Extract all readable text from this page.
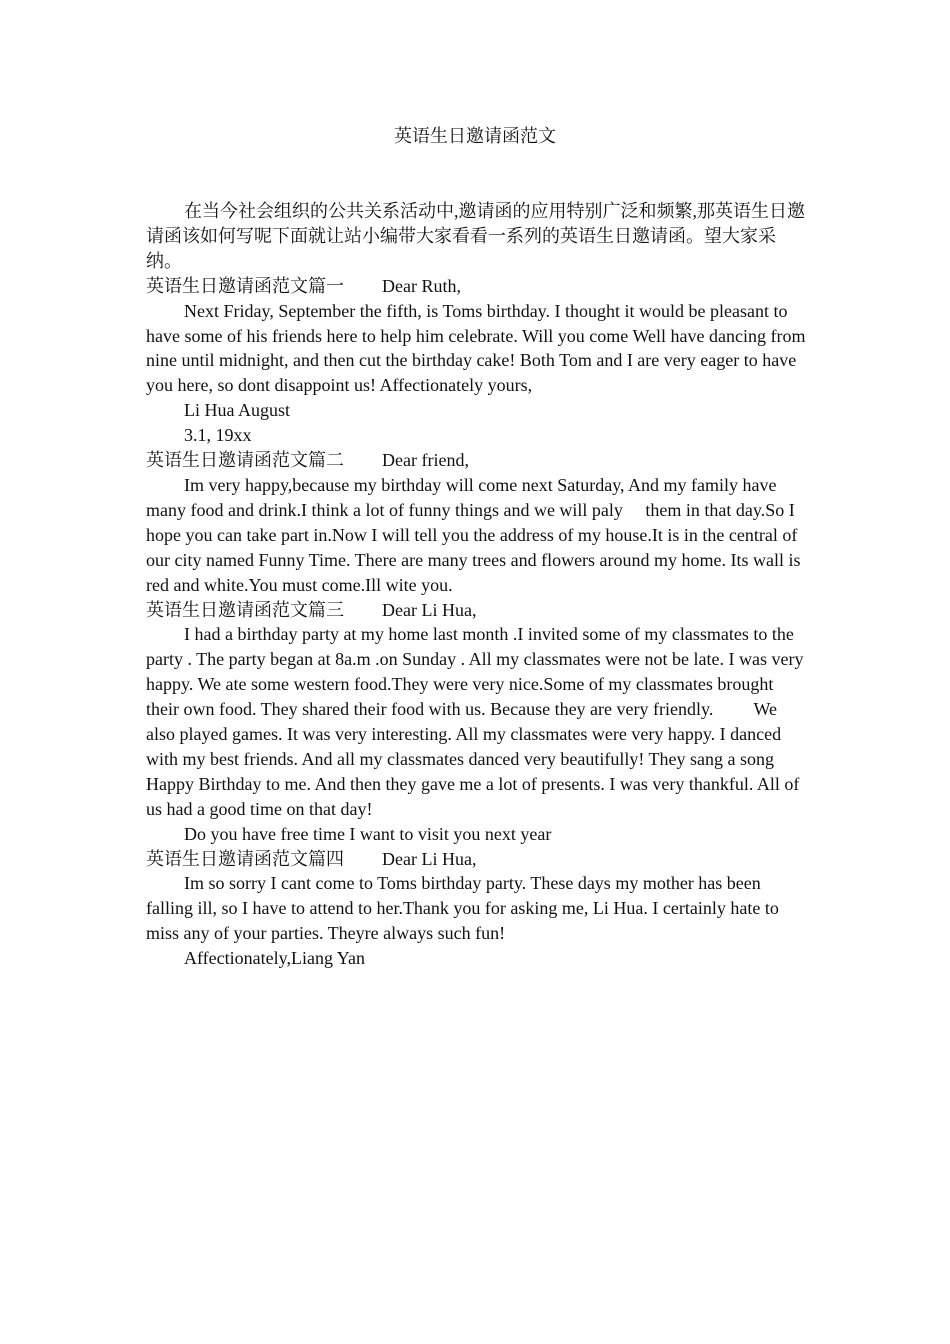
英语生日邀请函范文

在当今社会组织的公共关系活动中,邀请函的应用特别广泛和频繁,那英语生日邀请函该如何写呢下面就让站小编带大家看看一系列的英语生日邀请函。望大家采纳。

英语生日邀请函范文篇一 Dear Ruth,

Next Friday, September the fifth, is Toms birthday. I thought it would be pleasant to have some of his friends here to help him celebrate. Will you come Well have dancing from nine until midnight, and then cut the birthday cake! Both Tom and I are very eager to have you here, so dont disappoint us! Affectionately yours,

Li Hua August

3.1, 19xx

英语生日邀请函范文篇二 Dear friend,

Im very happy,because my birthday will come next Saturday, And my family have many food and drink.I think a lot of funny things and we will paly     them in that day.So I hope you can take part in.Now I will tell you the address of my house.It is in the central of our city named Funny Time. There are many trees and flowers around my home. Its wall is red and white.You must come.Ill wite you.

英语生日邀请函范文篇三 Dear Li Hua,

I had a birthday party at my home last month .I invited some of my classmates to the party . The party began at 8a.m .on Sunday . All my classmates were not be late. I was very happy. We ate some western food.They were very nice.Some of my classmates brought their own food. They shared their food with us. Because they are very friendly.         We also played games. It was very interesting. All my classmates were very happy. I danced with my best friends. And all my classmates danced very beautifully! They sang a song Happy Birthday to me. And then they gave me a lot of presents. I was very thankful. All of us had a good time on that day!

Do you have free time I want to visit you next year

英语生日邀请函范文篇四 Dear Li Hua,

Im so sorry I cant come to Toms birthday party. These days my mother has been falling ill, so I have to attend to her.Thank you for asking me, Li Hua. I certainly hate to miss any of your parties. Theyre always such fun!

Affectionately,Liang Yan
